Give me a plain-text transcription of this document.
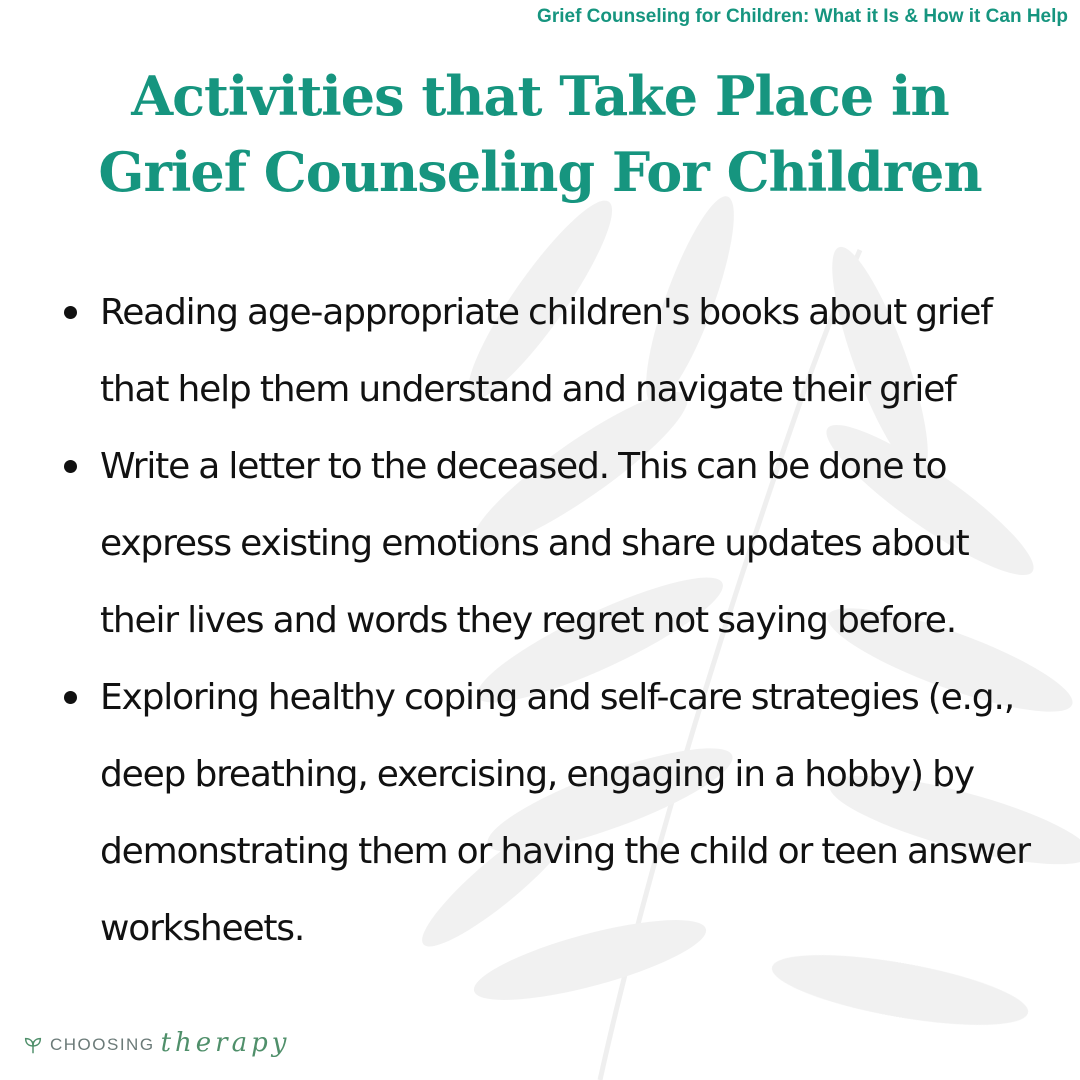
Grief Counseling for Children: What it Is & How it Can Help
Activities that Take Place in
Grief Counseling For Children
Reading age-appropriate children's books about grief that help them understand and navigate their grief
Write a letter to the deceased. This can be done to express existing emotions and share updates about their lives and words they regret not saying before.
Exploring healthy coping and self-care strategies (e.g., deep breathing, exercising, engaging in a hobby) by demonstrating them or having the child or teen answer worksheets.
CHOOSING therapy
